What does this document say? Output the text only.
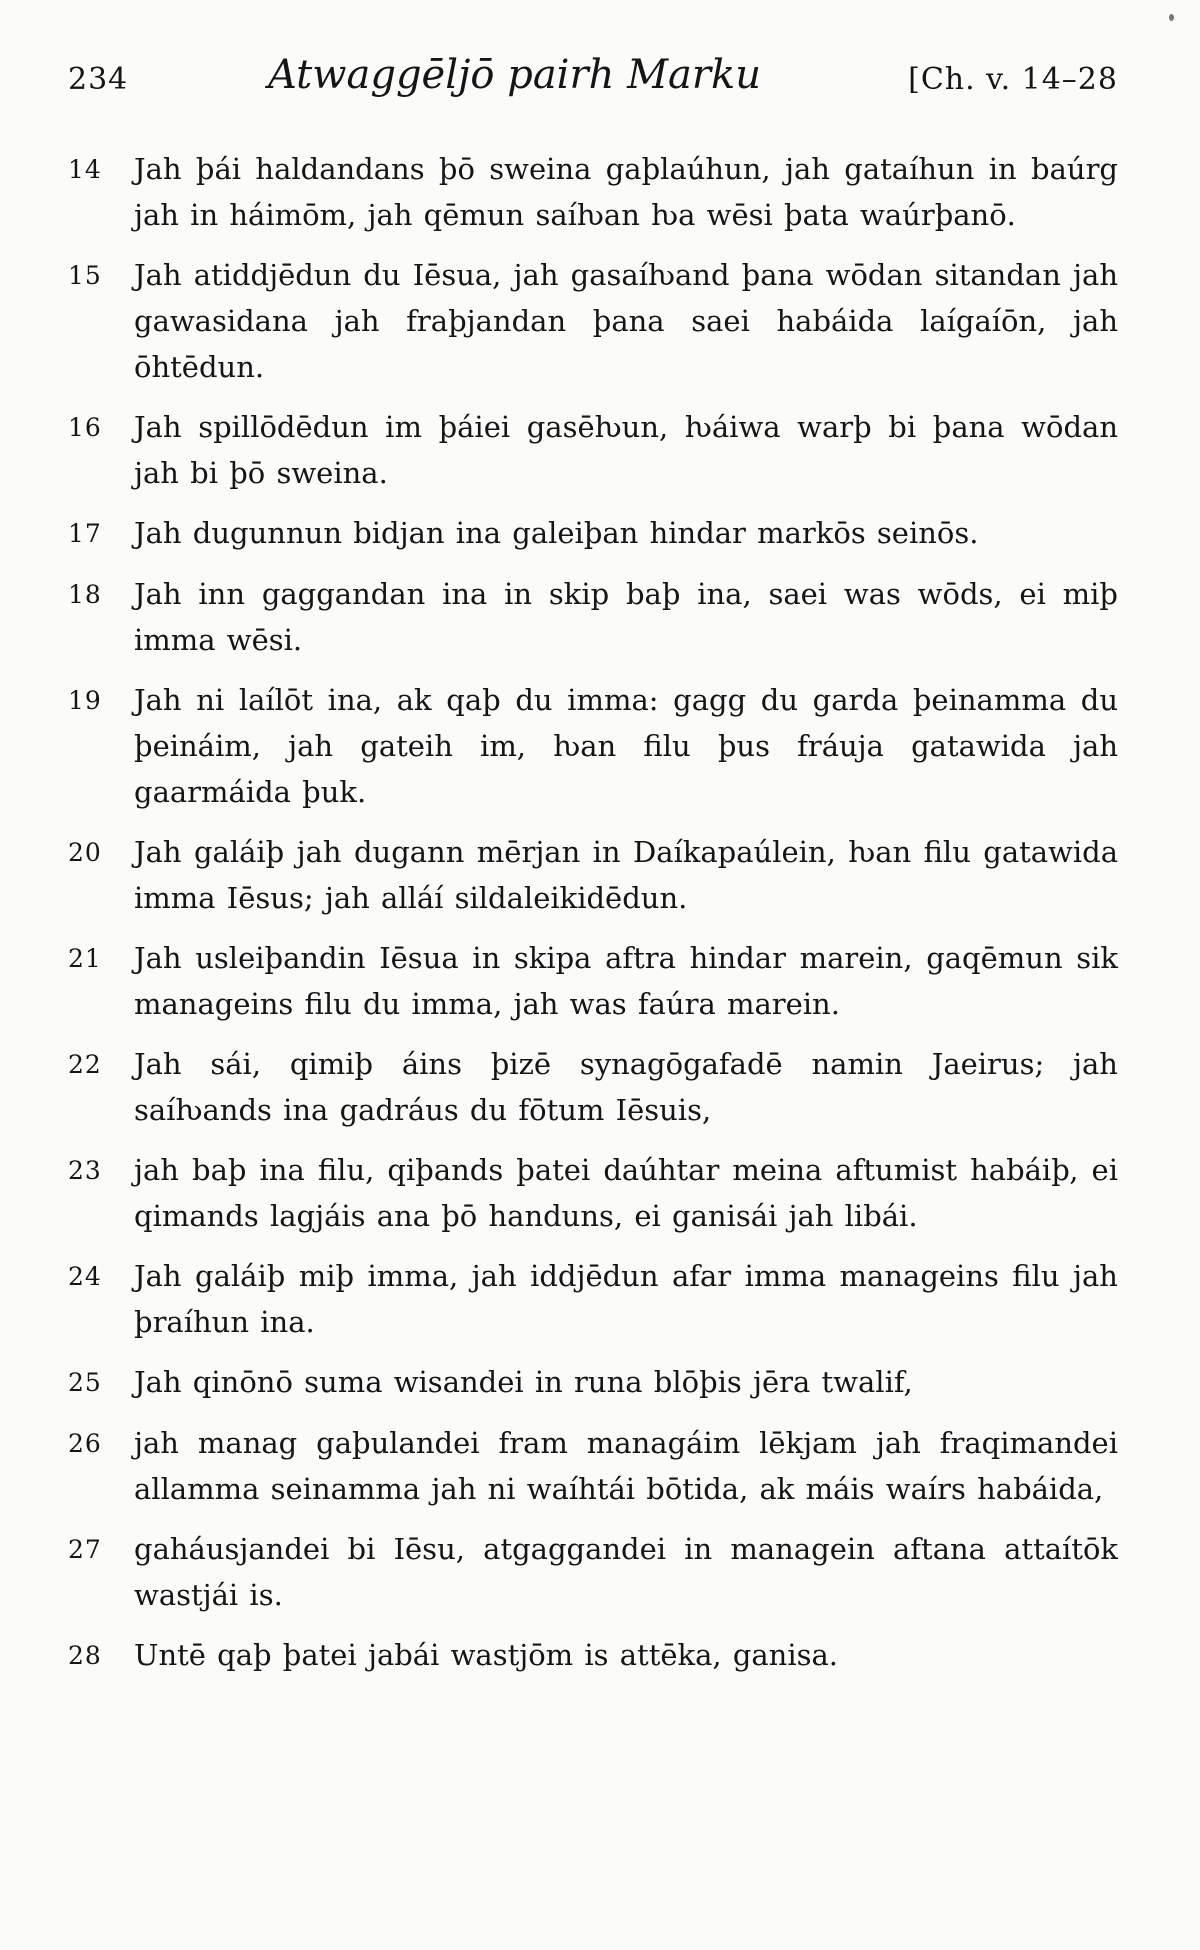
234	Atwaggēljō pairh Marku	[Ch. v. 14–28
14	Jah þái haldandans þō sweina gaþlaúhun, jah gataíhun in baúrg jah in háimōm, jah qēmun saíƕan ƕa wēsi þata waúrþanō.
15	Jah atiddjēdun du Iēsua, jah gasaíƕand þana wōdan sitandan jah gawasidana jah fraþjandan þana saei habáida laígaíōn, jah ōhtēdun.
16	Jah spillōdēdun im þáiei gasēƕun, ƕáiwa warþ bi þana wōdan jah bi þō sweina.
17	Jah dugunnun bidjan ina galeiþan hindar markōs seinōs.
18	Jah inn gaggandan ina in skip baþ ina, saei was wōds, ei miþ imma wēsi.
19	Jah ni laílōt ina, ak qaþ du imma: gagg du garda þeinamma du þeináim, jah gateih im, ƕan filu þus fráuja gatawida jah gaarmáida þuk.
20	Jah galáiþ jah dugann mērjan in Daíkapaúlein, ƕan filu gatawida imma Iēsus; jah alláí sildaleikidēdun.
21	Jah usleiþandin Iēsua in skipa aftra hindar marein, gaqēmun sik manageins filu du imma, jah was faúra marein.
22	Jah sái, qimiþ áins þizē synagōgafadē namin Jaeirus; jah saíƕands ina gadráus du fōtum Iēsuis,
23	jah baþ ina filu, qiþands þatei daúhtar meina aftumist habáiþ, ei qimands lagjáis ana þō handuns, ei ganisái jah libái.
24	Jah galáiþ miþ imma, jah iddjēdun afar imma manageins filu jah þraíhun ina.
25	Jah qinōnō suma wisandei in runa blōþis jēra twalif,
26	jah manag gaþulandei fram managáim lēkjam jah fraqimandei allamma seinamma jah ni waíhtái bōtida, ak máis waírs habáida,
27	gaháusjandei bi Iēsu, atgaggandei in managein aftana attaítōk wastjái is.
28	Untē qaþ þatei jabái wastjōm is attēka, ganisa.
